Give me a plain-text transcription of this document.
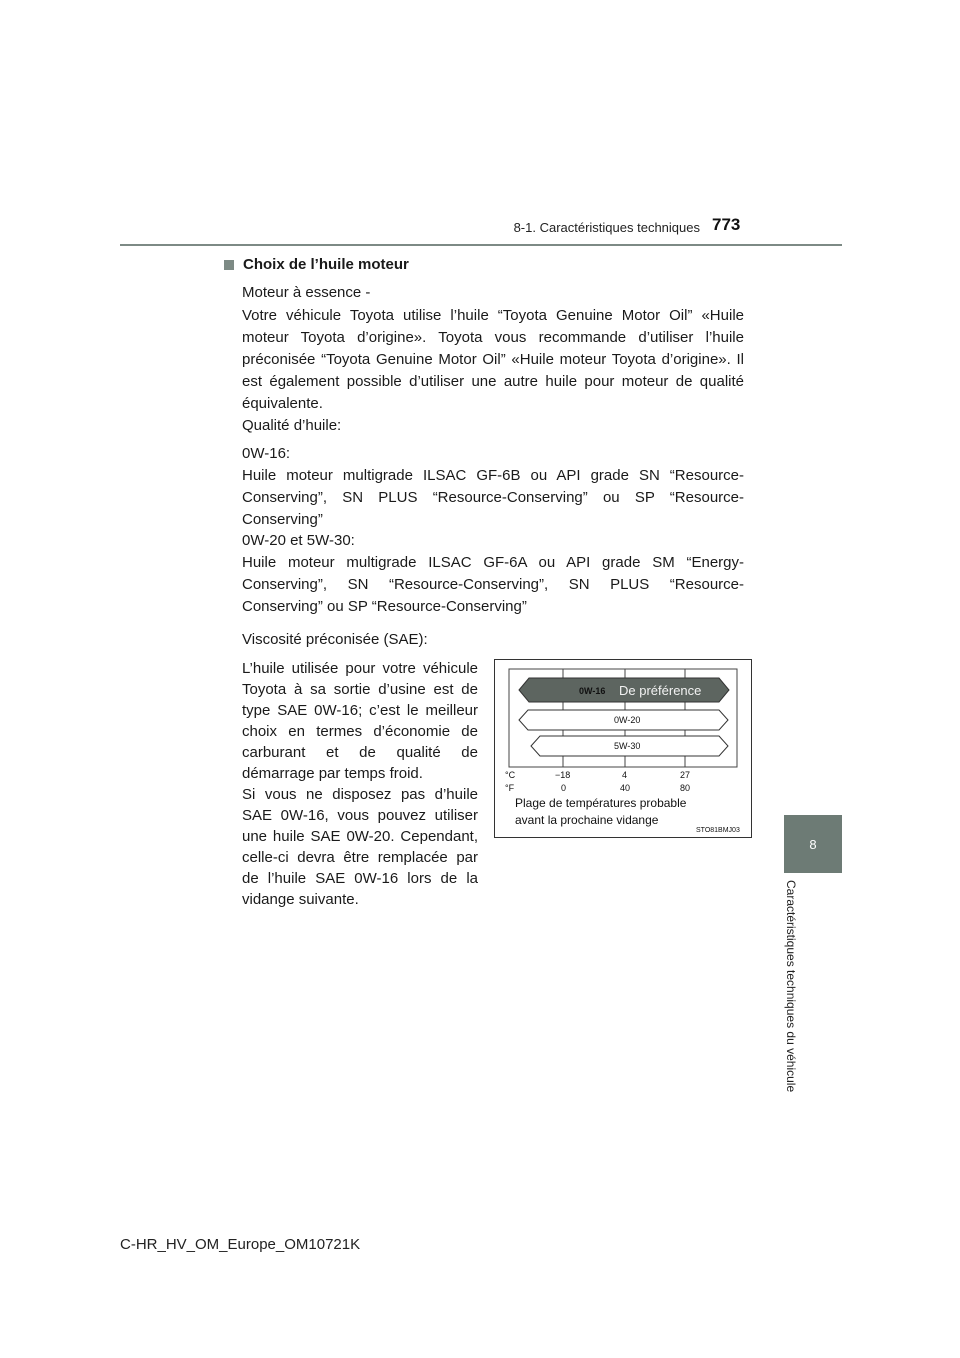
8-1. Caractéristiques techniques 773
8
Caractéristiques techniques du véhicule
Choix de l’huile moteur
Moteur à essence -
Votre véhicule Toyota utilise l’huile “Toyota Genuine Motor Oil” «Huile
moteur Toyota d’origine». Toyota vous recommande d’utiliser l’huile
préconisée “Toyota Genuine Motor Oil” «Huile moteur Toyota d’origine». Il
est également possible d’utiliser une autre huile pour moteur de qualité
équivalente.
Qualité d’huile:
0W-16:
Huile moteur multigrade ILSAC GF-6B ou API grade SN “Resource-
Conserving”, SN PLUS “Resource-Conserving” ou SP “Resource-
Conserving”
0W-20 et 5W-30:
Huile moteur multigrade ILSAC GF-6A ou API grade SM “Energy-
Conserving”, SN “Resource-Conserving”, SN PLUS “Resource-
Conserving” ou SP “Resource-Conserving”
Viscosité préconisée (SAE):
L’huile utilisée pour votre véhicule
Toyota à sa sortie d’usine est de
type SAE 0W-16; c’est le meilleur
choix en termes d’économie de
carburant et de qualité de
démarrage par temps froid.
Si vous ne disposez pas d’huile
SAE 0W-16, vous pouvez utiliser
une huile SAE 0W-20. Cependant,
celle-ci devra être remplacée par
de l’huile SAE 0W-16 lors de la
vidange suivante.
0W-16 De préférence
0W-20
5W-30
°C
°F
−18	4	27
0	40	80
Plage de températures probable
avant la prochaine vidange
STO81BMJ03
C-HR_HV_OM_Europe_OM10721K
